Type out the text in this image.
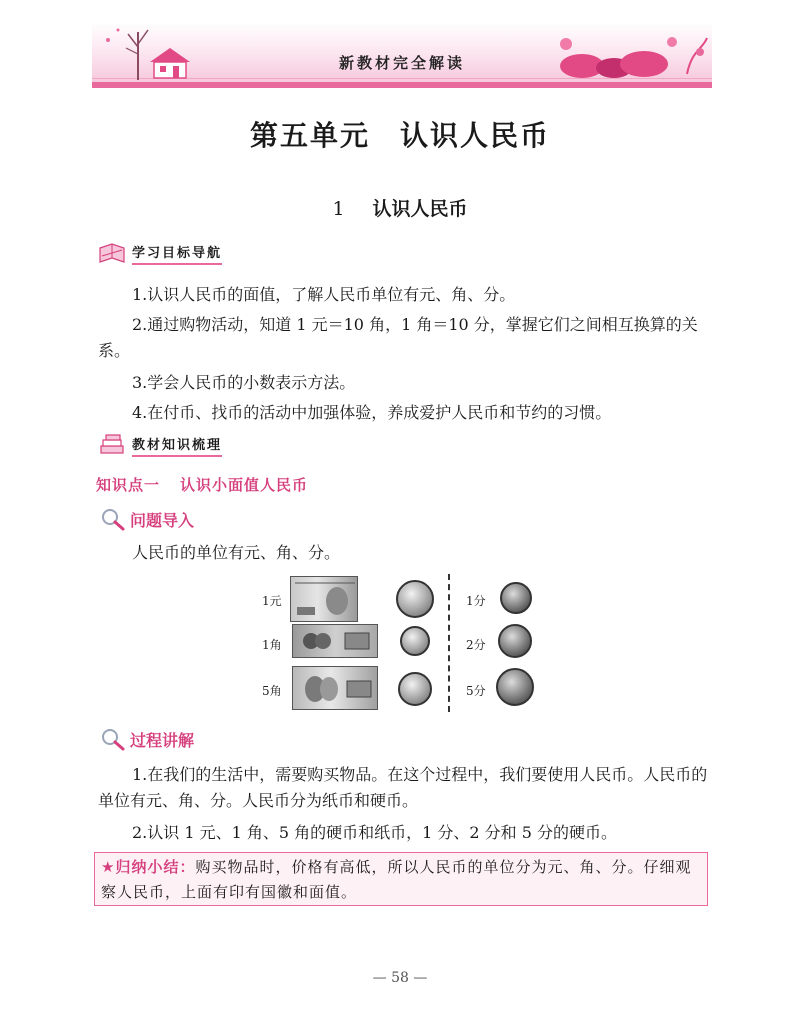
新教材完全解读
第五单元　认识人民币
1 认识人民币
学习目标导航
1.认识人民币的面值，了解人民币单位有元、角、分。
2.通过购物活动，知道 1 元＝10 角，1 角＝10 分，掌握它们之间相互换算的关系。
3.学会人民币的小数表示方法。
4.在付币、找币的活动中加强体验，养成爱护人民币和节约的习惯。
教材知识梳理
知识点一 认识小面值人民币
问题导入
人民币的单位有元、角、分。
1元
1角
5角
1分
2分
5分
过程讲解
1.在我们的生活中，需要购买物品。在这个过程中，我们要使用人民币。人民币的单位有元、角、分。人民币分为纸币和硬币。
2.认识 1 元、1 角、5 角的硬币和纸币，1 分、2 分和 5 分的硬币。
★归纳小结：购买物品时，价格有高低，所以人民币的单位分为元、角、分。仔细观察人民币，上面有印有国徽和面值。
— 58 —
